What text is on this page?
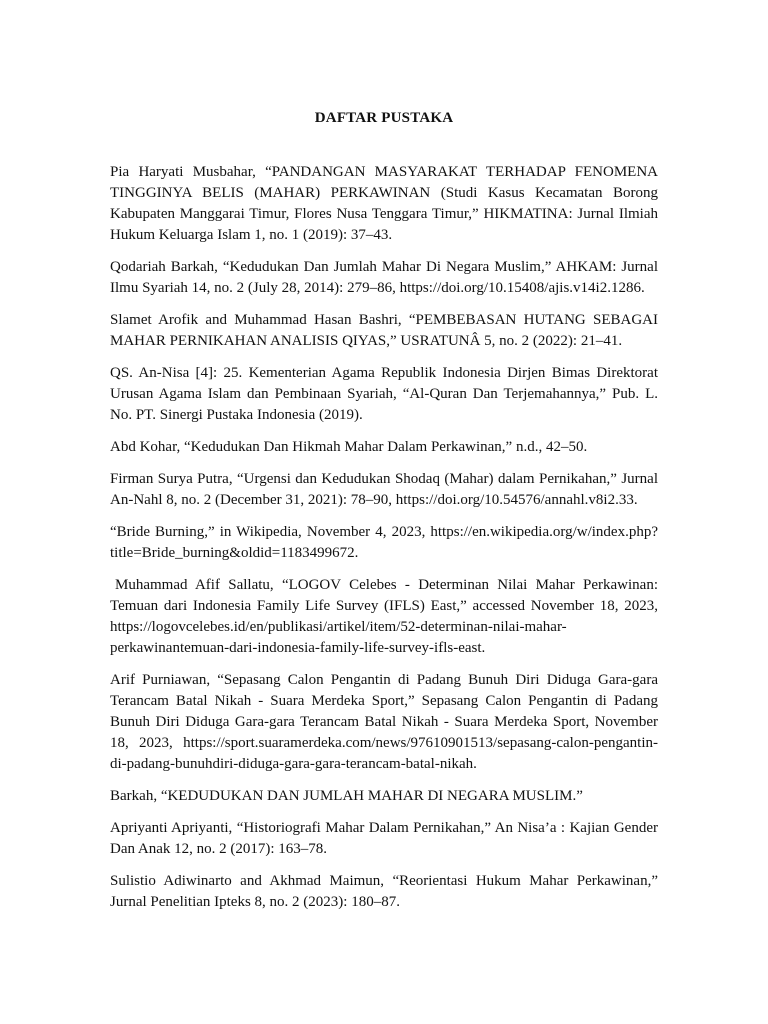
DAFTAR PUSTAKA

Pia Haryati Musbahar, “PANDANGAN MASYARAKAT TERHADAP FENOMENA TINGGINYA BELIS (MAHAR) PERKAWINAN (Studi Kasus Kecamatan Borong Kabupaten Manggarai Timur, Flores Nusa Tenggara Timur,” HIKMATINA: Jurnal Ilmiah Hukum Keluarga Islam 1, no. 1 (2019): 37–43.

Qodariah Barkah, “Kedudukan Dan Jumlah Mahar Di Negara Muslim,” AHKAM: Jurnal Ilmu Syariah 14, no. 2 (July 28, 2014): 279–86, https://doi.org/10.15408/ajis.v14i2.1286.

Slamet Arofik and Muhammad Hasan Bashri, “PEMBEBASAN HUTANG SEBAGAI MAHAR PERNIKAHAN ANALISIS QIYAS,” USRATUNÂ 5, no. 2 (2022): 21–41.

QS. An-Nisa [4]: 25. Kementerian Agama Republik Indonesia Dirjen Bimas Direktorat Urusan Agama Islam dan Pembinaan Syariah, “Al-Quran Dan Terjemahannya,” Pub. L. No. PT. Sinergi Pustaka Indonesia (2019).

Abd Kohar, “Kedudukan Dan Hikmah Mahar Dalam Perkawinan,” n.d., 42–50.

Firman Surya Putra, “Urgensi dan Kedudukan Shodaq (Mahar) dalam Pernikahan,” Jurnal An-Nahl 8, no. 2 (December 31, 2021): 78–90, https://doi.org/10.54576/annahl.v8i2.33.

“Bride Burning,” in Wikipedia, November 4, 2023, https://en.wikipedia.org/w/index.php?title=Bride_burning&oldid=1183499672.

Muhammad Afif Sallatu, “LOGOV Celebes - Determinan Nilai Mahar Perkawinan: Temuan dari Indonesia Family Life Survey (IFLS) East,” accessed November 18, 2023, https://logovcelebes.id/en/publikasi/artikel/item/52-determinan-nilai-mahar-perkawinantemuan-dari-indonesia-family-life-survey-ifls-east.

Arif Purniawan, “Sepasang Calon Pengantin di Padang Bunuh Diri Diduga Gara-gara Terancam Batal Nikah - Suara Merdeka Sport,” Sepasang Calon Pengantin di Padang Bunuh Diri Diduga Gara-gara Terancam Batal Nikah - Suara Merdeka Sport, November 18, 2023, https://sport.suaramerdeka.com/news/97610901513/sepasang-calon-pengantin-di-padang-bunuhdiri-diduga-gara-gara-terancam-batal-nikah.

Barkah, “KEDUDUKAN DAN JUMLAH MAHAR DI NEGARA MUSLIM.”

Apriyanti Apriyanti, “Historiografi Mahar Dalam Pernikahan,” An Nisa’a : Kajian Gender Dan Anak 12, no. 2 (2017): 163–78.

Sulistio Adiwinarto and Akhmad Maimun, “Reorientasi Hukum Mahar Perkawinan,” Jurnal Penelitian Ipteks 8, no. 2 (2023): 180–87.
